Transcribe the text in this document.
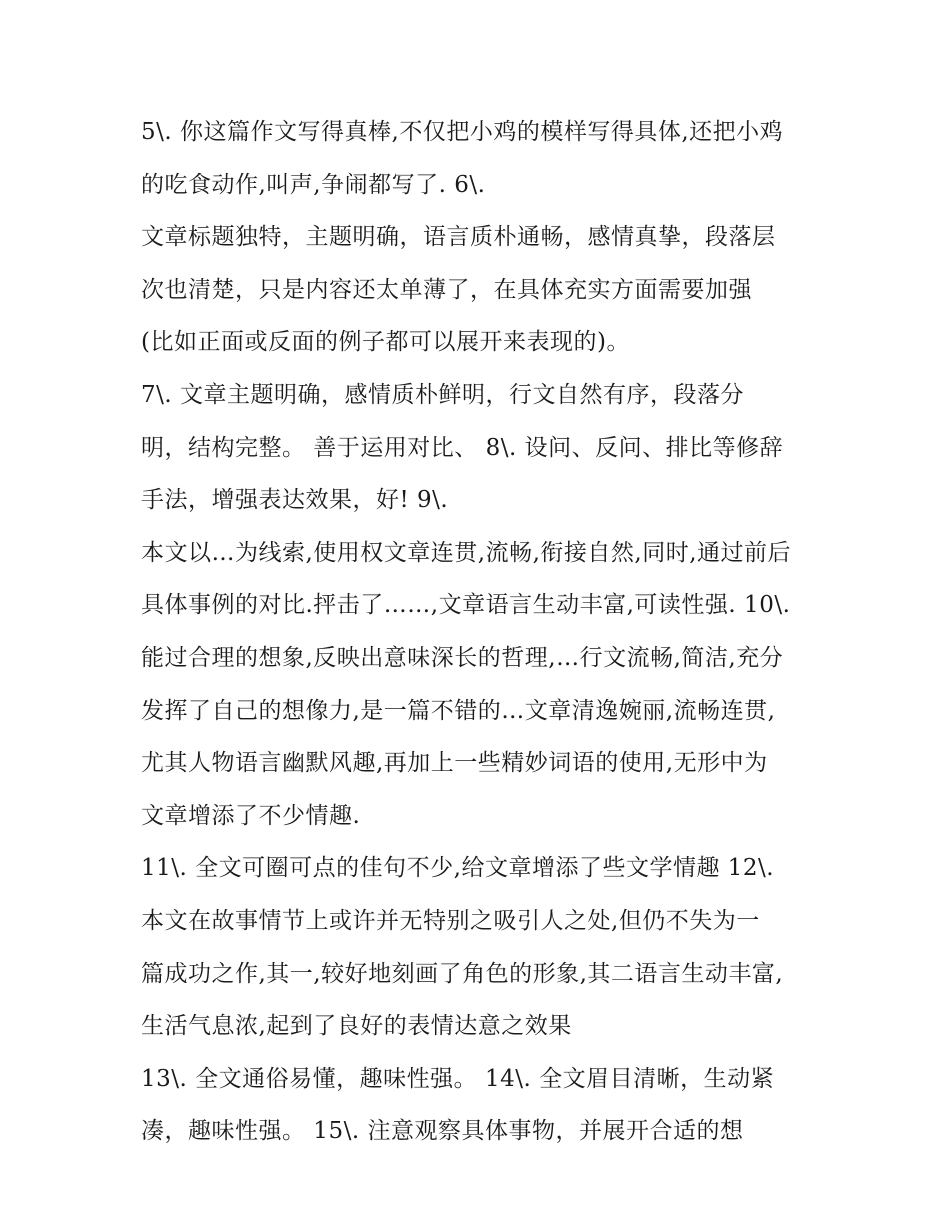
5\. 你这篇作文写得真棒,不仅把小鸡的模样写得具体,还把小鸡
的吃食动作,叫声,争闹都写了. 6\.
文章标题独特，主题明确，语言质朴通畅，感情真挚，段落层
次也清楚，只是内容还太单薄了，在具体充实方面需要加强
(比如正面或反面的例子都可以展开来表现的)。
7\. 文章主题明确，感情质朴鲜明，行文自然有序，段落分
明，结构完整。 善于运用对比、 8\. 设问、反问、排比等修辞
手法，增强表达效果，好! 9\.
本文以…为线索,使用权文章连贯,流畅,衔接自然,同时,通过前后
具体事例的对比.抨击了……,文章语言生动丰富,可读性强. 10\.
能过合理的想象,反映出意味深长的哲理,…行文流畅,简洁,充分
发挥了自己的想像力,是一篇不错的…文章清逸婉丽,流畅连贯,
尤其人物语言幽默风趣,再加上一些精妙词语的使用,无形中为
文章增添了不少情趣.
11\. 全文可圈可点的佳句不少,给文章增添了些文学情趣 12\.
本文在故事情节上或许并无特别之吸引人之处,但仍不失为一
篇成功之作,其一,较好地刻画了角色的形象,其二语言生动丰富,
生活气息浓,起到了良好的表情达意之效果
13\. 全文通俗易懂，趣味性强。 14\. 全文眉目清晰，生动紧
凑，趣味性强。 15\. 注意观察具体事物，并展开合适的想
